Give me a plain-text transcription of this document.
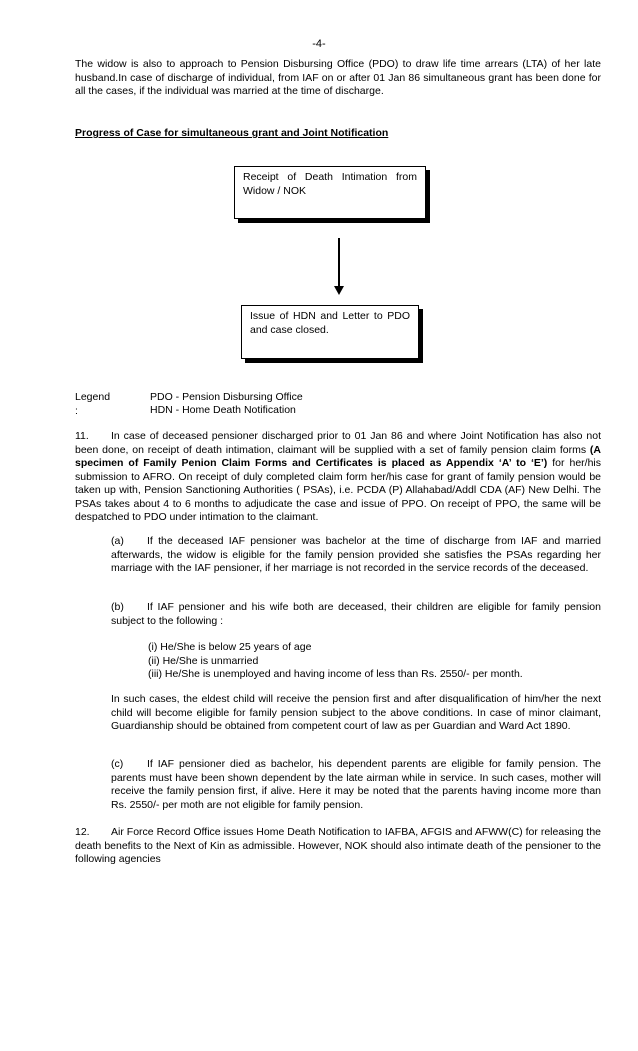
-4-
The widow is also to approach to Pension Disbursing Office (PDO) to draw life time arrears (LTA) of her late husband.In case of discharge of individual, from IAF on or after 01 Jan 86 simultaneous grant has been done for all the cases, if the individual was married at the time of discharge.
Progress of Case for simultaneous grant and Joint Notification
Receipt of Death Intimation from Widow / NOK
Issue of HDN and Letter to PDO and case closed.
Legend :
PDO - Pension Disbursing Office
HDN - Home Death Notification
11. In case of deceased pensioner discharged prior to 01 Jan 86 and where Joint Notification has also not been done, on receipt of death intimation, claimant will be supplied with a set of family pension claim forms (A specimen of Family Penion Claim Forms and Certificates is placed as Appendix ‘A’ to ‘E’) for her/his submission to AFRO. On receipt of duly completed claim form her/his case for grant of family pension would be taken up with, Pension Sanctioning Authorities ( PSAs), i.e. PCDA (P) Allahabad/Addl CDA (AF) New Delhi. The PSAs takes about 4 to 6 months to adjudicate the case and issue of PPO. On receipt of PPO, the same will be despatched to PDO under intimation to the claimant.
(a) If the deceased IAF pensioner was bachelor at the time of discharge from IAF and married afterwards, the widow is eligible for the family pension provided she satisfies the PSAs regarding her marriage with the IAF pensioner, if her marriage is not recorded in the service records of the deceased.
(b) If IAF pensioner and his wife both are deceased, their children are eligible for family pension subject to the following :
(i) He/She is below 25 years of age
(ii) He/She is unmarried
(iii) He/She is unemployed and having income of less than Rs. 2550/- per month.
In such cases, the eldest child will receive the pension first and after disqualification of him/her the next child will become eligible for family pension subject to the above conditions. In case of minor claimant, Guardianship should be obtained from competent court of law as per Guardian and Ward Act 1890.
(c) If IAF pensioner died as bachelor, his dependent parents are eligible for family pension. The parents must have been shown dependent by the late airman while in service. In such cases, mother will receive the family pension first, if alive. Here it may be noted that the parents having income more than Rs. 2550/- per moth are not eligible for family pension.
12. Air Force Record Office issues Home Death Notification to IAFBA, AFGIS and AFWW(C) for releasing the death benefits to the Next of Kin as admissible. However, NOK should also intimate death of the pensioner to the following agencies
